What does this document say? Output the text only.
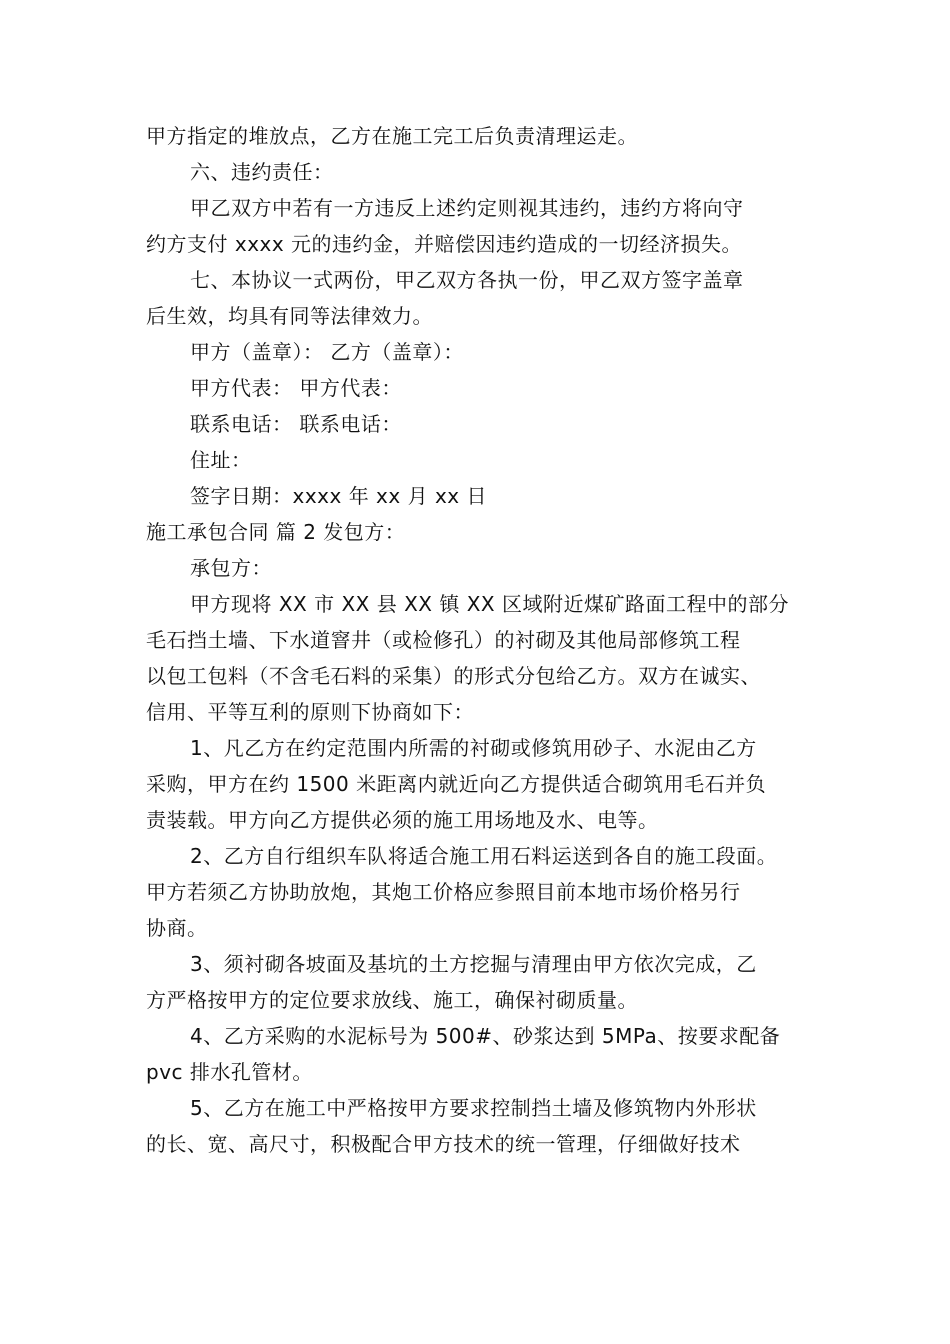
甲方指定的堆放点，乙方在施工完工后负责清理运走。
六、违约责任：
甲乙双方中若有一方违反上述约定则视其违约，违约方将向守
约方支付 xxxx 元的违约金，并赔偿因违约造成的一切经济损失。
七、本协议一式两份，甲乙双方各执一份，甲乙双方签字盖章
后生效，均具有同等法律效力。
甲方（盖章）： 乙方（盖章）：
甲方代表： 甲方代表：
联系电话： 联系电话：
住址：
签字日期：xxxx 年 xx 月 xx 日
施工承包合同 篇 2 发包方：
承包方：
甲方现将 XX 市 XX 县 XX 镇 XX 区域附近煤矿路面工程中的部分
毛石挡土墙、下水道窨井（或检修孔）的衬砌及其他局部修筑工程
以包工包料（不含毛石料的采集）的形式分包给乙方。双方在诚实、
信用、平等互利的原则下协商如下：
1、凡乙方在约定范围内所需的衬砌或修筑用砂子、水泥由乙方
采购，甲方在约 1500 米距离内就近向乙方提供适合砌筑用毛石并负
责装载。甲方向乙方提供必须的施工用场地及水、电等。
2、乙方自行组织车队将适合施工用石料运送到各自的施工段面。
甲方若须乙方协助放炮，其炮工价格应参照目前本地市场价格另行
协商。
3、须衬砌各坡面及基坑的土方挖掘与清理由甲方依次完成，乙
方严格按甲方的定位要求放线、施工，确保衬砌质量。
4、乙方采购的水泥标号为 500#、砂浆达到 5MPa、按要求配备
pvc 排水孔管材。
5、乙方在施工中严格按甲方要求控制挡土墙及修筑物内外形状
的长、宽、高尺寸，积极配合甲方技术的统一管理，仔细做好技术
